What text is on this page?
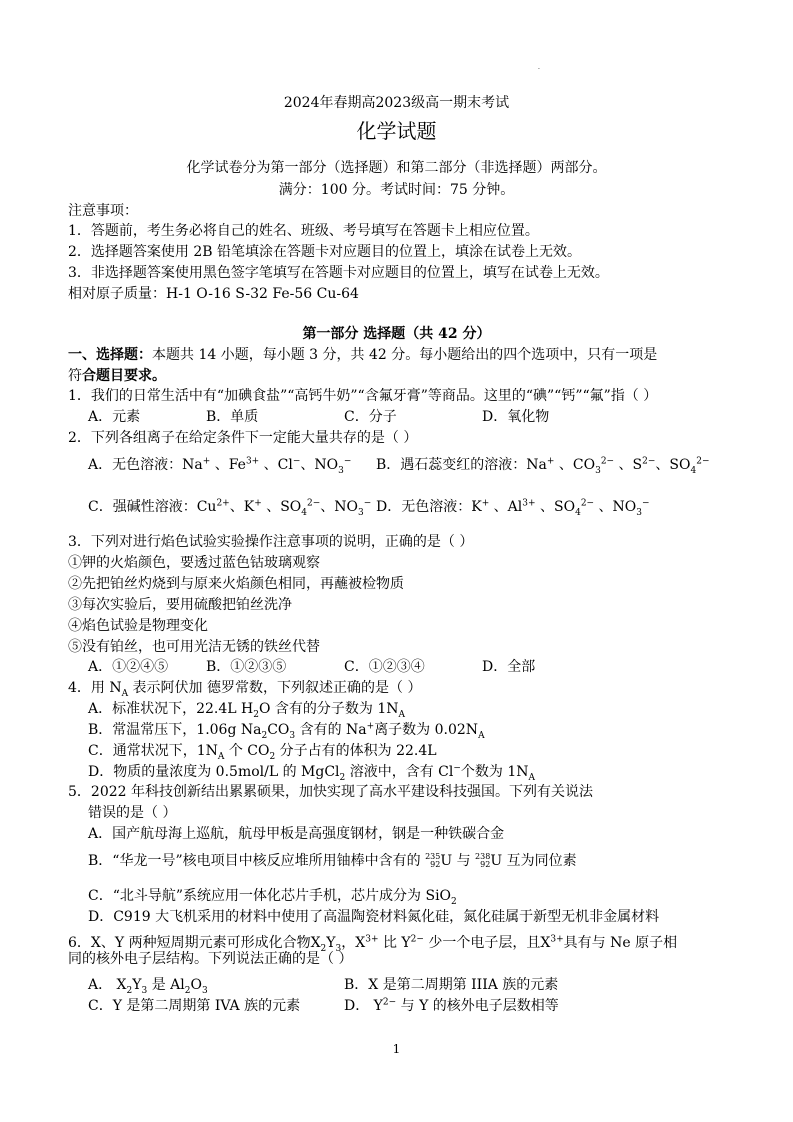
.
2024年春期高2023级高一期末考试
化学试题
化学试卷分为第一部分（选择题）和第二部分（非选择题）两部分。
满分：100 分。考试时间：75 分钟。
注意事项：
1．答题前，考生务必将自己的姓名、班级、考号填写在答题卡上相应位置。
2．选择题答案使用 2B 铅笔填涂在答题卡对应题目的位置上，填涂在试卷上无效。
3．非选择题答案使用黑色签字笔填写在答题卡对应题目的位置上，填写在试卷上无效。
相对原子质量：H-1 O-16 S-32 Fe-56 Cu-64
第一部分 选择题（共 42 分）
一、选择题：本题共 14 小题，每小题 3 分，共 42 分。每小题给出的四个选项中，只有一项是
符合题目要求。
1．我们的日常生活中有“加碘食盐”“高钙牛奶”“含氟牙膏”等商品。这里的“碘”“钙”“氟”指（ ）
A．元素	B．单质	C．分子	D．氧化物
2．下列各组离子在给定条件下一定能大量共存的是（ ）
A．无色溶液：Na+ 、$Fe^{3+}$ 、Cl−、$NO_3^-$ B．遇石蕊变红的溶液：Na+ 、$CO_3^{2-}$ 、$S^{2-}$、$SO_4^{2-}$
C．强碱性溶液：$Cu^{2+}$、K+ 、$SO_4^{2-}$、$NO_3^-$ D．无色溶液：K+ 、$Al^{3+}$ 、$SO_4^{2-}$ 、$NO_3^-$
3．下列对进行焰色试验实验操作注意事项的说明，正确的是（ ）
①钾的火焰颜色，要透过蓝色钴玻璃观察
②先把铂丝灼烧到与原来火焰颜色相同，再蘸被检物质
③每次实验后，要用硫酸把铂丝洗净
④焰色试验是物理变化
⑤没有铂丝，也可用光洁无锈的铁丝代替
A．①②④⑤	B．①②③⑤	C．①②③④	D．全部
4．用 $N_A$ 表示阿伏加 德罗常数，下列叙述正确的是（ ）
A．标准状况下，22.4L $H_2O$ 含有的分子数为 $1N_A$
B．常温常压下，1.06g $Na_2CO_3$ 含有的 Na+离子数为 $0.02N_A$
C．通常状况下，$1N_A$ 个 $CO_2$ 分子占有的体积为 22.4L
D．物质的量浓度为 0.5mol/L 的 MgCl$_2$ 溶液中，含有 Cl−个数为 $1N_A$
5．2022 年科技创新结出累累硕果，加快实现了高水平建设科技强国。下列有关说法
错误的是（ ）
A．国产航母海上巡航，航母甲板是高强度钢材，钢是一种铁碳合金
B．“华龙一号”核电项目中核反应堆所用铀棒中含有的 235
92U 与 238
92U 互为同位素
C．“北斗导航”系统应用一体化芯片手机，芯片成分为 SiO$_2$
D．C919 大飞机采用的材料中使用了高温陶瓷材料氮化硅，氮化硅属于新型无机非金属材料
6．X、Y 两种短周期元素可形成化合物$X_2Y_3$，$X^{3+}$ 比 $Y^{2-}$ 少一个电子层，且$X^{3+}$具有与 Ne 原子相
同的核外电子层结构。下列说法正确的是（ ）
A． $X_2Y_3$ 是 $Al_2O_3$	B．X 是第二周期第 IIIA 族的元素
C．Y 是第二周期第 IVA 族的元素	D． $Y^{2-}$ 与 Y 的核外电子层数相等
1
